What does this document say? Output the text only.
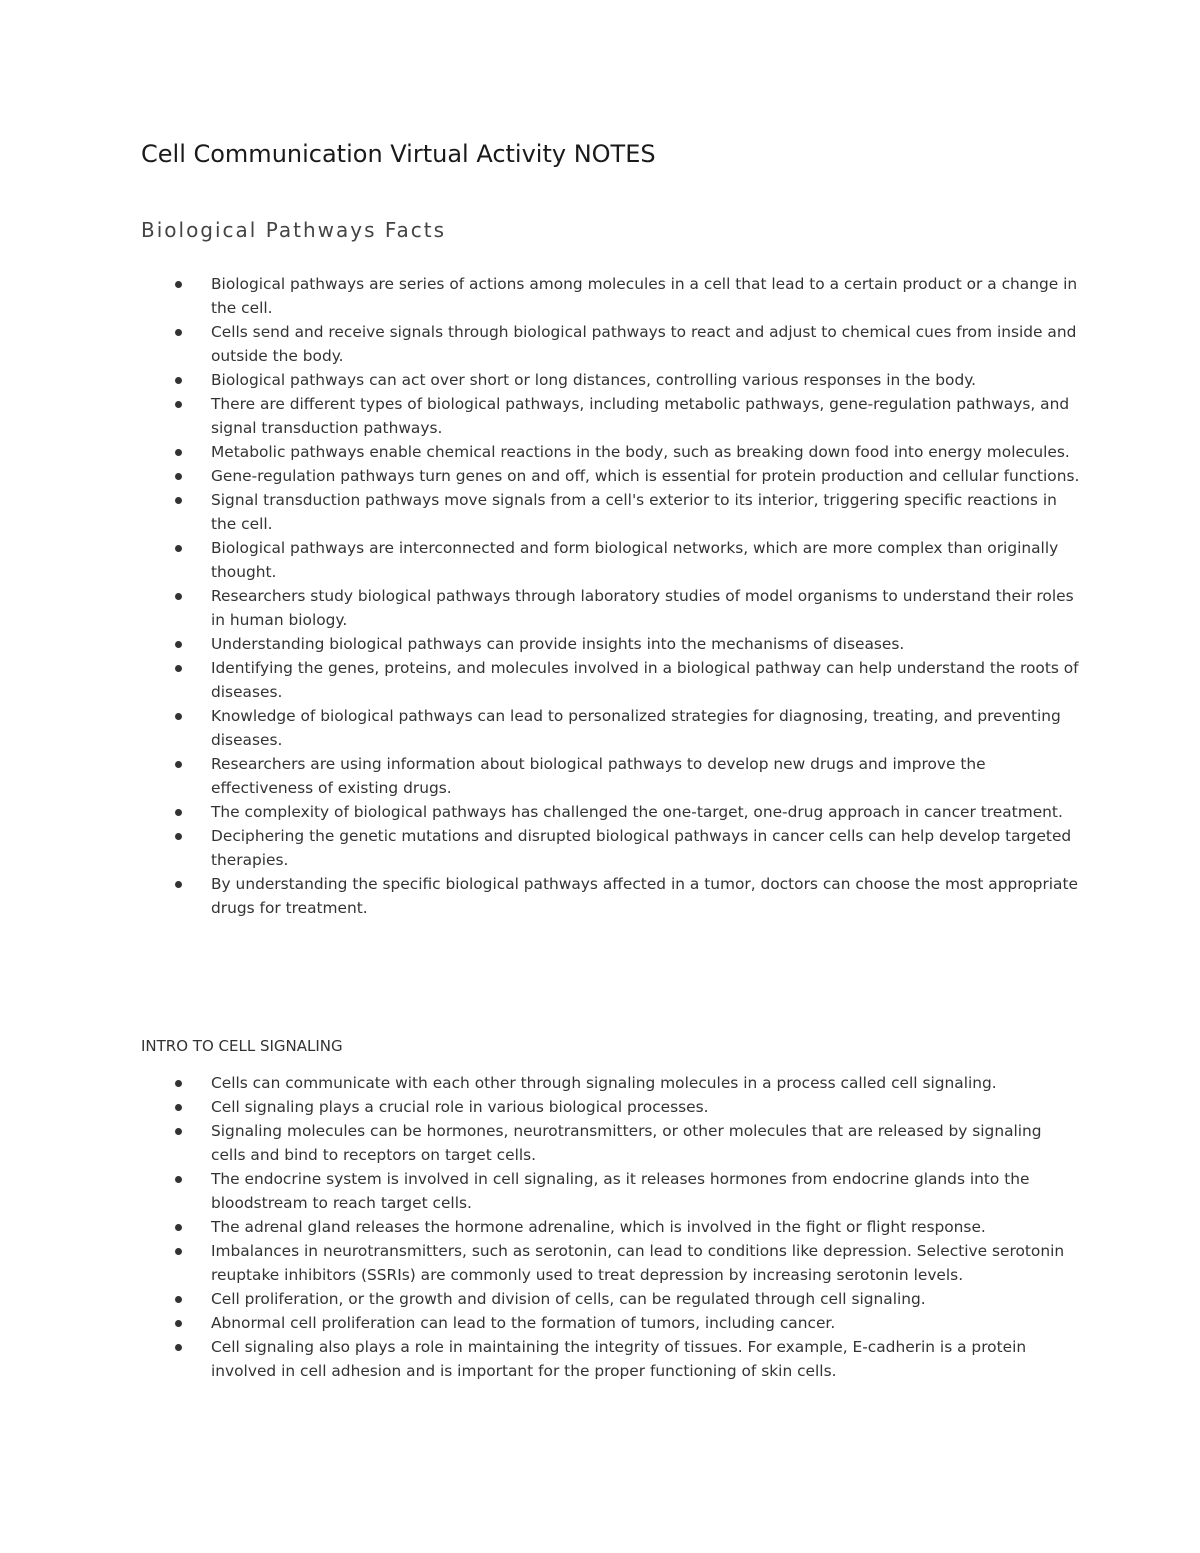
Cell Communication Virtual Activity NOTES
Biological Pathways Facts
Biological pathways are series of actions among molecules in a cell that lead to a certain product or a change in the cell.
Cells send and receive signals through biological pathways to react and adjust to chemical cues from inside and outside the body.
Biological pathways can act over short or long distances, controlling various responses in the body.
There are different types of biological pathways, including metabolic pathways, gene-regulation pathways, and signal transduction pathways.
Metabolic pathways enable chemical reactions in the body, such as breaking down food into energy molecules.
Gene-regulation pathways turn genes on and off, which is essential for protein production and cellular functions.
Signal transduction pathways move signals from a cell's exterior to its interior, triggering specific reactions in the cell.
Biological pathways are interconnected and form biological networks, which are more complex than originally thought.
Researchers study biological pathways through laboratory studies of model organisms to understand their roles in human biology.
Understanding biological pathways can provide insights into the mechanisms of diseases.
Identifying the genes, proteins, and molecules involved in a biological pathway can help understand the roots of diseases.
Knowledge of biological pathways can lead to personalized strategies for diagnosing, treating, and preventing diseases.
Researchers are using information about biological pathways to develop new drugs and improve the effectiveness of existing drugs.
The complexity of biological pathways has challenged the one-target, one-drug approach in cancer treatment.
Deciphering the genetic mutations and disrupted biological pathways in cancer cells can help develop targeted therapies.
By understanding the specific biological pathways affected in a tumor, doctors can choose the most appropriate drugs for treatment.

INTRO TO CELL SIGNALING

Cells can communicate with each other through signaling molecules in a process called cell signaling.
Cell signaling plays a crucial role in various biological processes.
Signaling molecules can be hormones, neurotransmitters, or other molecules that are released by signaling cells and bind to receptors on target cells.
The endocrine system is involved in cell signaling, as it releases hormones from endocrine glands into the bloodstream to reach target cells.
The adrenal gland releases the hormone adrenaline, which is involved in the fight or flight response.
Imbalances in neurotransmitters, such as serotonin, can lead to conditions like depression. Selective serotonin reuptake inhibitors (SSRIs) are commonly used to treat depression by increasing serotonin levels.
Cell proliferation, or the growth and division of cells, can be regulated through cell signaling.
Abnormal cell proliferation can lead to the formation of tumors, including cancer.
Cell signaling also plays a role in maintaining the integrity of tissues. For example, E-cadherin is a protein involved in cell adhesion and is important for the proper functioning of skin cells.
